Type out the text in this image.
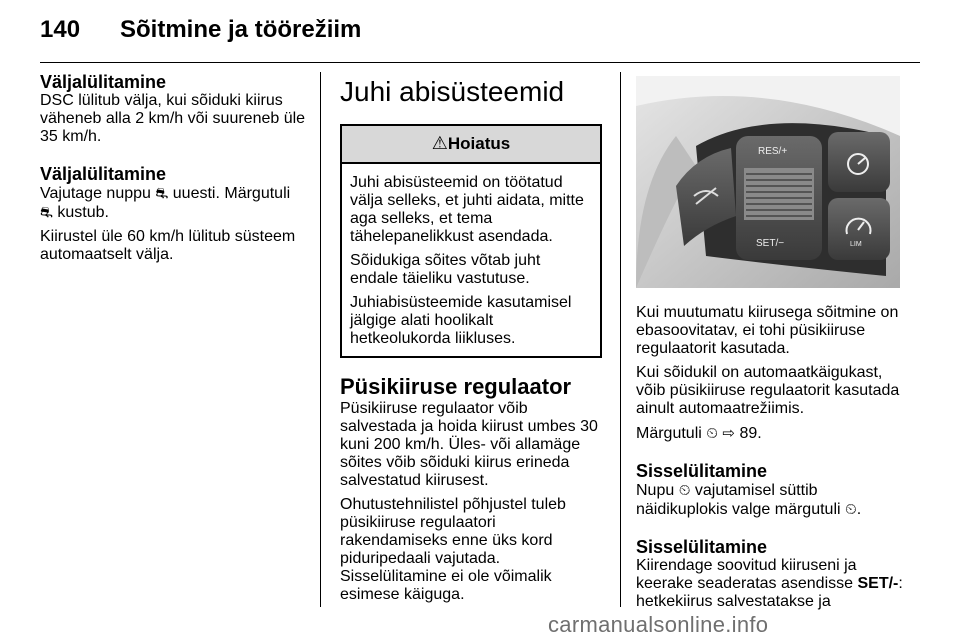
140 Sõitmine ja töörežiim
Väljalülitamine

DSC lülitub välja, kui sõiduki kiirus väheneb alla 2 km/h või suureneb üle 35 km/h.

Väljalülitamine

Vajutage nuppu ⛐ uuesti. Märgutuli
⛐ kustub.

Kiirustel üle 60 km/h lülitub süsteem automaatselt välja.

Juhi abisüsteemid
⚠Hoiatus

Juhi abisüsteemid on töötatud välja selleks, et juhti aidata, mitte aga selleks, et tema tähelepanelikkust asendada.

Sõidukiga sõites võtab juht endale täieliku vastutuse.

Juhiabisüsteemide kasutamisel jälgige alati hoolikalt hetkeolukorda liikluses.

Püsikiiruse regulaator

Püsikiiruse regulaator võib salvestada ja hoida kiirust umbes 30 kuni 200 km/h. Üles- või allamäge sõites võib sõiduki kiirus erineda salvestatud kiirusest.

Ohutustehnilistel põhjustel tuleb püsikiiruse regulaatori rakendamiseks enne üks kord piduripedaali vajutada.
Sisselülitamine ei ole võimalik esimese käiguga.

RES/+
SET/−	LIM

Kui muutumatu kiirusega sõitmine on ebasoovitatav, ei tohi püsikiiruse regulaatorit kasutada.

Kui sõidukil on automaatkäigukast, võib püsikiiruse regulaatorit kasutada ainult automaatrežiimis.

Märgutuli ⏲ ⇨ 89.

Sisselülitamine

Nupu ⏲ vajutamisel süttib näidikuplokis valge märgutuli ⏲.

Sisselülitamine

Kiirendage soovitud kiiruseni ja keerake seaderatas asendisse SET/-: hetkekiirus salvestatakse ja

carmanualsonline.info
